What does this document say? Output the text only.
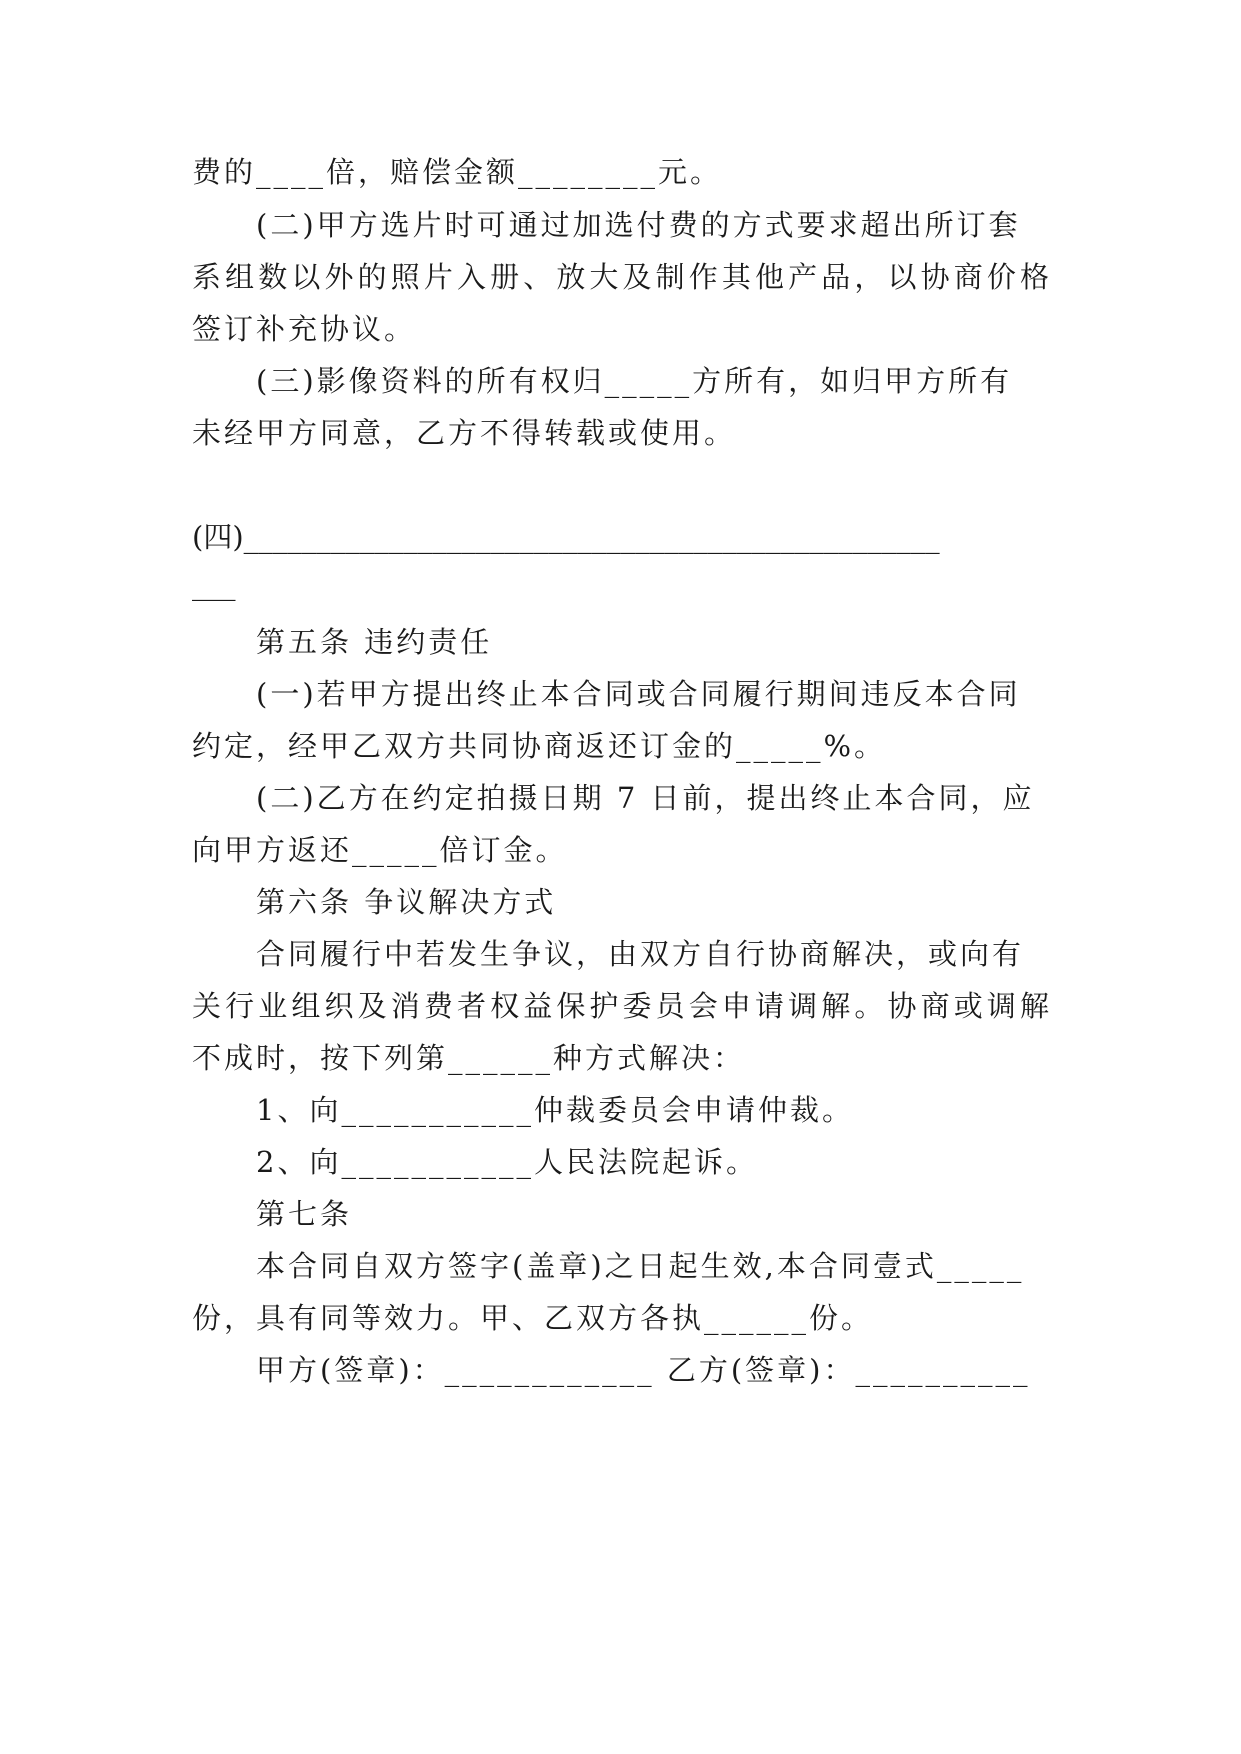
费的____倍，赔偿金额________元。
(二)甲方选片时可通过加选付费的方式要求超出所订套
系组数以外的照片入册、放大及制作其他产品，以协商价格
签订补充协议。
(三)影像资料的所有权归_____方所有，如归甲方所有
未经甲方同意，乙方不得转载或使用。
(四)________________________________________________
___
第五条 违约责任
(一)若甲方提出终止本合同或合同履行期间违反本合同
约定，经甲乙双方共同协商返还订金的_____%。
(二)乙方在约定拍摄日期 7 日前，提出终止本合同，应
向甲方返还_____倍订金。
第六条 争议解决方式
合同履行中若发生争议，由双方自行协商解决，或向有
关行业组织及消费者权益保护委员会申请调解。协商或调解
不成时，按下列第______种方式解决：
1、向___________仲裁委员会申请仲裁。
2、向___________人民法院起诉。
第七条
本合同自双方签字(盖章)之日起生效,本合同壹式_____
份，具有同等效力。甲、乙双方各执______份。
甲方(签章)：____________ 乙方(签章)：__________
